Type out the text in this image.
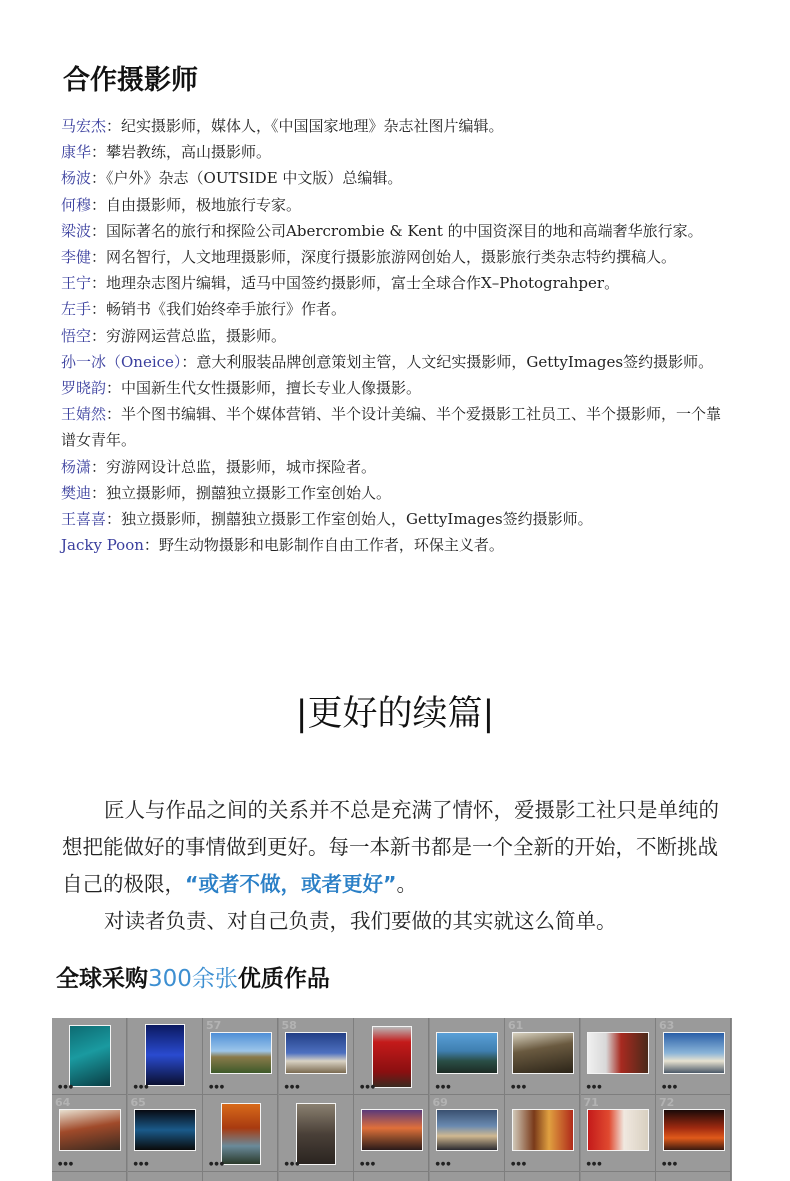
合作摄影师
马宏杰：纪实摄影师，媒体人，《中国国家地理》杂志社图片编辑。
康华：攀岩教练，高山摄影师。
杨波：《户外》杂志（OUTSIDE 中文版）总编辑。
何穆：自由摄影师，极地旅行专家。
梁波：国际著名的旅行和探险公司Abercrombie & Kent 的中国资深目的地和高端奢华旅行家。
李健：网名智行，人文地理摄影师，深度行摄影旅游网创始人，摄影旅行类杂志特约撰稿人。
王宁：地理杂志图片编辑，适马中国签约摄影师，富士全球合作X–Photograhper。
左手：畅销书《我们始终牵手旅行》作者。
悟空：穷游网运营总监，摄影师。
孙一冰（Oneice）：意大利服装品牌创意策划主管，人文纪实摄影师，GettyImages签约摄影师。
罗晓韵：中国新生代女性摄影师，擅长专业人像摄影。
王婧然：半个图书编辑、半个媒体营销、半个设计美编、半个爱摄影工社员工、半个摄影师，一个靠谱女青年。
杨潇：穷游网设计总监，摄影师，城市探险者。
樊迪：独立摄影师，捌囍独立摄影工作室创始人。
王喜喜：独立摄影师，捌囍独立摄影工作室创始人，GettyImages签约摄影师。
Jacky Poon：野生动物摄影和电影制作自由工作者，环保主义者。
|更好的续篇|

匠人与作品之间的关系并不总是充满了情怀，爱摄影工社只是单纯的想把能做好的事情做到更好。每一本新书都是一个全新的开始，不断挑战自己的极限，“或者不做，或者更好”。

对读者负责、对自己负责，我们要做的其实就这么简单。

全球采购300余张优质作品
●●●	●●●
57
●●●
58
●●●	●●●	●●●
61
●●●	●●●
63
●●●
64
●●●
65
●●●	●●●	●●●	●●●
69
●●●	●●●
71
●●●
72
●●●
